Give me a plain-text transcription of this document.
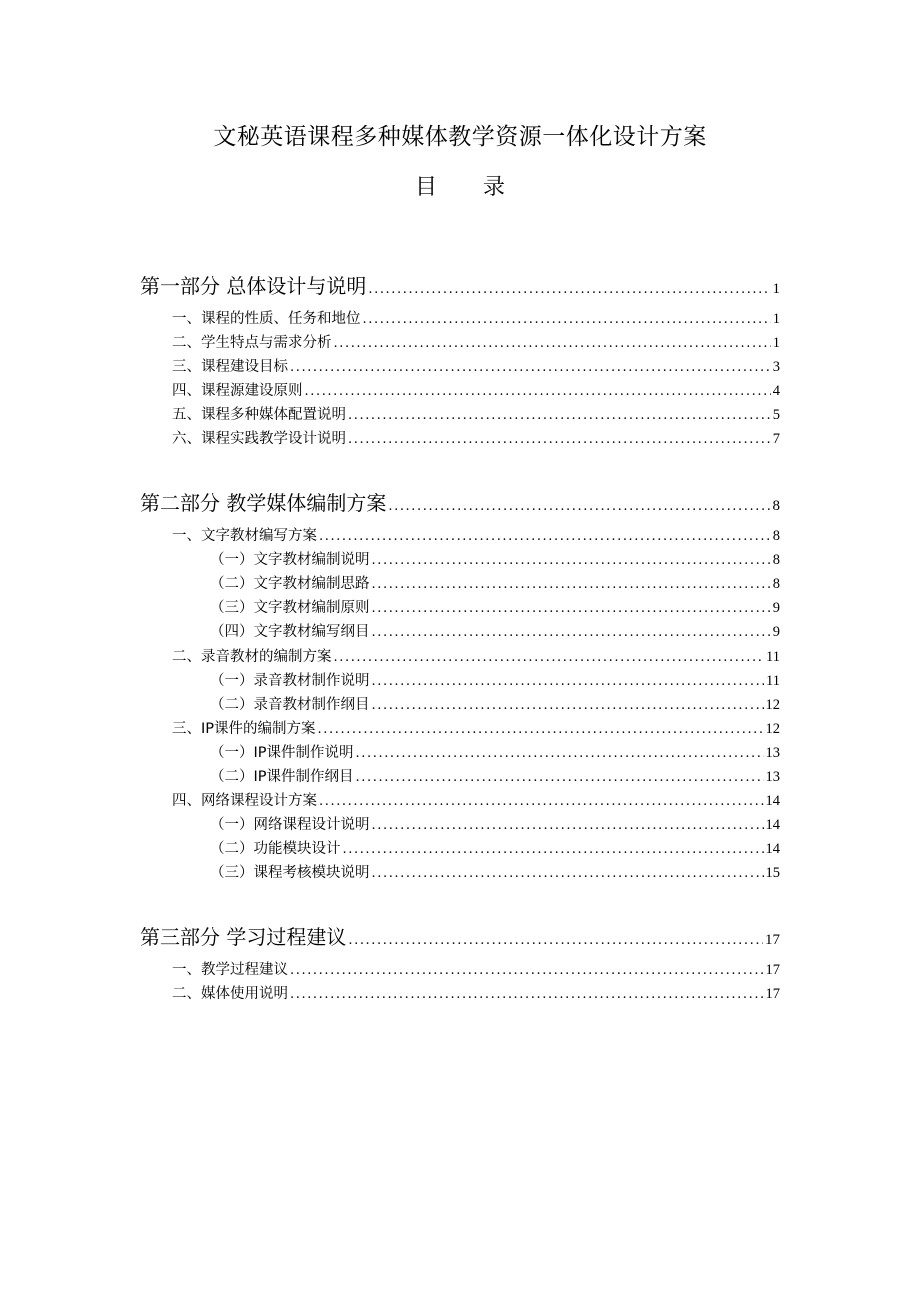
文秘英语课程多种媒体教学资源一体化设计方案
目录
第一部分 总体设计与说明 .....	1
一、课程的性质、任务和地位 .....	1
二、学生特点与需求分析 .....	1
三、课程建设目标 .....	3
四、课程源建设原则 .....	4
五、课程多种媒体配置说明 .....	5
六、课程实践教学设计说明 .....	7
第二部分 教学媒体编制方案 .....	8
一、文字教材编写方案 .....	8
（一）文字教材编制说明 .....	8
（二）文字教材编制思路 .....	8
（三）文字教材编制原则 .....	9
（四）文字教材编写纲目 .....	9
二、录音教材的编制方案 .....	11
（一）录音教材制作说明 .....	11
（二）录音教材制作纲目 .....	12
三、IP课件的编制方案 .....	12
（一）IP课件制作说明 .....	13
（二）IP课件制作纲目 .....	13
四、网络课程设计方案 .....	14
（一）网络课程设计说明 .....	14
（二）功能模块设计 .....	14
（三）课程考核模块说明 .....	15
第三部分 学习过程建议 .....	17
一、教学过程建议 .....	17
二、媒体使用说明 .....	17
